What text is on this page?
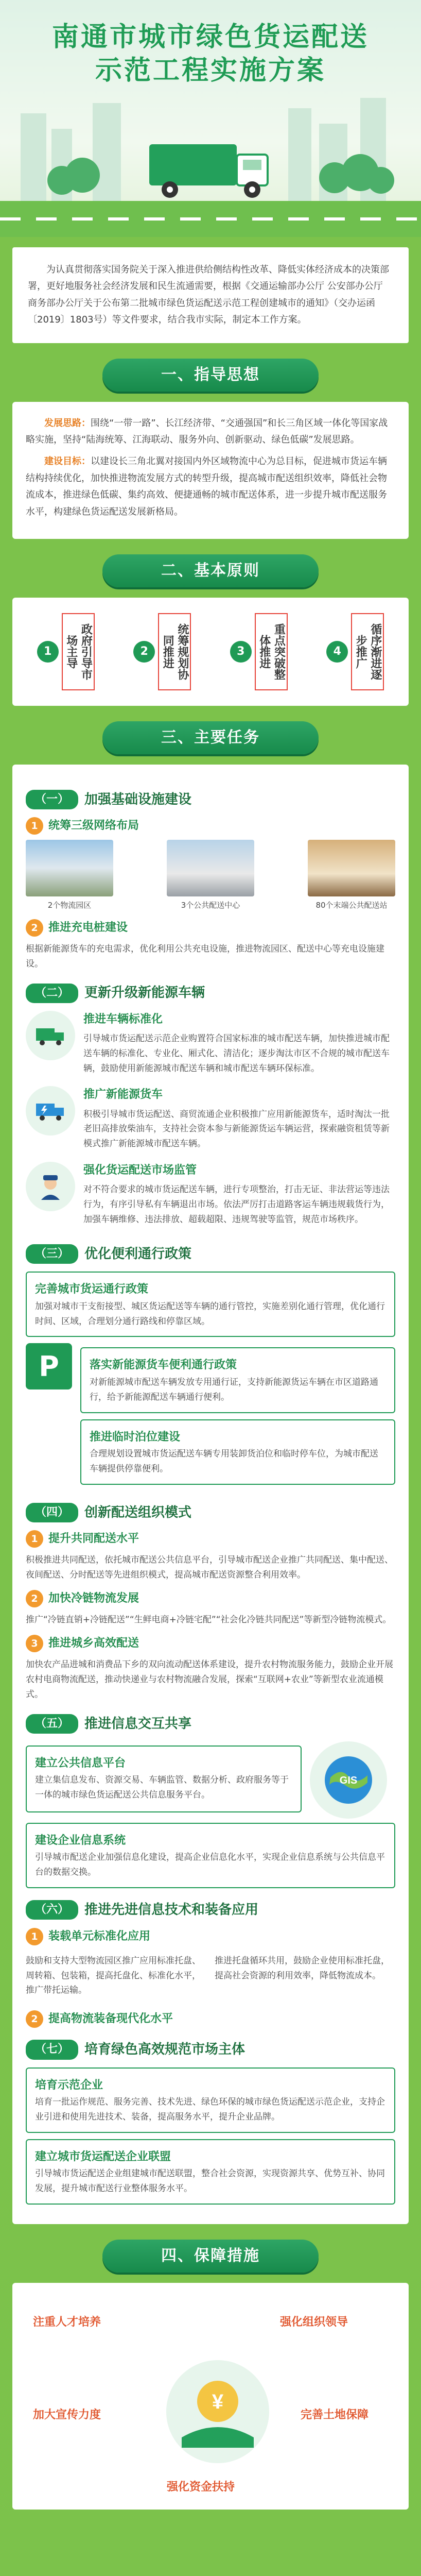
南通市城市绿色货运配送
示范工程实施方案
为认真贯彻落实国务院关于深入推进供给侧结构性改革、降低实体经济成本的决策部署，更好地服务社会经济发展和民生流通需要，根据《交通运输部办公厅 公安部办公厅 商务部办公厅关于公布第二批城市绿色货运配送示范工程创建城市的通知》（交办运函〔2019〕1803号）等文件要求，结合我市实际，制定本工作方案。
一、指导思想

发展思路：围绕“一带一路”、长江经济带、“交通强国”和长三角区域一体化等国家战略实施，坚持“陆海统筹、江海联动、服务外向、创新驱动、绿色低碳”发展思路。

建设目标：以建设长三角北翼对接国内外区域物流中心为总目标，促进城市货运车辆结构持续优化，加快推进物流发展方式的转型升级，提高城市配送组织效率，降低社会物流成本，推进绿色低碳、集约高效、便捷通畅的城市配送体系，进一步提升城市配送服务水平，构建绿色货运配送发展新格局。

二、基本原则
1	政府引导市场主导	2	统筹规划协同推进	3	重点突破整体推进	4	循序渐进逐步推广
三、主要任务
（一）	加强基础设施建设
1 统筹三级网络布局
2个物流园区	3个公共配送中心	80个末端公共配送站
2 推进充电桩建设

根据新能源货车的充电需求，优化利用公共充电设施，推进物流园区、配送中心等充电设施建设。

（二）	更新升级新能源车辆
推进车辆标准化

引导城市货运配送示范企业购置符合国家标准的城市配送车辆，加快推进城市配送车辆的标准化、专业化、厢式化、清洁化；逐步淘汰市区不合规的城市配送车辆，鼓励使用新能源城市配送车辆和城市配送车辆环保标准。

推广新能源货车

积极引导城市货运配送、商贸流通企业积极推广应用新能源货车，适时淘汰一批老旧高排放柴油车，支持社会资本参与新能源货运车辆运营，探索融资租赁等新模式推广新能源城市配送车辆。

强化货运配送市场监管

对不符合要求的城市货运配送车辆，进行专项整治，打击无证、非法营运等违法行为，有序引导私有车辆退出市场。依法严厉打击道路客运车辆违规载货行为，加强车辆维修、违法排放、超载超限、违规驾驶等监管，规范市场秩序。

（三）	优化便利通行政策
完善城市货运通行政策

加强对城市干支衔接型、城区货运配送等车辆的通行管控，实施差别化通行管理，优化通行时间、区域，合理划分通行路线和停靠区域。

P	落实新能源货车便利通行政策

对新能源城市配送车辆发放专用通行证，支持新能源货运车辆在市区道路通行，给予新能源配送车辆通行便利。

推进临时泊位建设

合理规划设置城市货运配送车辆专用装卸货泊位和临时停车位，为城市配送车辆提供停靠便利。

（四）	创新配送组织模式
1 提升共同配送水平

积极推进共同配送，依托城市配送公共信息平台，引导城市配送企业推广共同配送、集中配送、夜间配送、分时配送等先进组织模式，提高城市配送资源整合利用效率。

2 加快冷链物流发展

推广“冷链直销+冷链配送”“生鲜电商+冷链宅配”“社会化冷链共同配送”等新型冷链物流模式。

3 推进城乡高效配送

加快农产品进城和消费品下乡的双向流动配送体系建设，提升农村物流服务能力，鼓励企业开展农村电商物流配送，推动快递业与农村物流融合发展，探索“互联网+农业”等新型农业流通模式。

（五）	推进信息交互共享
建立公共信息平台

建立集信息发布、资源交易、车辆监管、数据分析、政府服务等于一体的城市绿色货运配送公共信息服务平台。

GIS
建设企业信息系统

引导城市配送企业加强信息化建设，提高企业信息化水平，实现企业信息系统与公共信息平台的数据交换。

（六）	推进先进信息技术和装备应用
1 装载单元标准化应用

鼓励和支持大型物流园区推广应用标准托盘、周转箱、包装箱，提高托盘化、标准化水平，推广带托运输。

推进托盘循环共用，鼓励企业使用标准托盘，提高社会资源的利用效率，降低物流成本。

2 提高物流装备现代化水平
（七）	培育绿色高效规范市场主体
培育示范企业

培育一批运作规范、服务完善、技术先进、绿色环保的城市绿色货运配送示范企业，支持企业引进和使用先进技术、装备，提高服务水平，提升企业品牌。

建立城市货运配送企业联盟

引导城市货运配送企业组建城市配送联盟，整合社会资源，实现资源共享、优势互补、协同发展，提升城市配送行业整体服务水平。

四、保障措施
¥
注重人才培养	强化组织领导
完善土地保障
加大宣传力度
强化资金扶持
